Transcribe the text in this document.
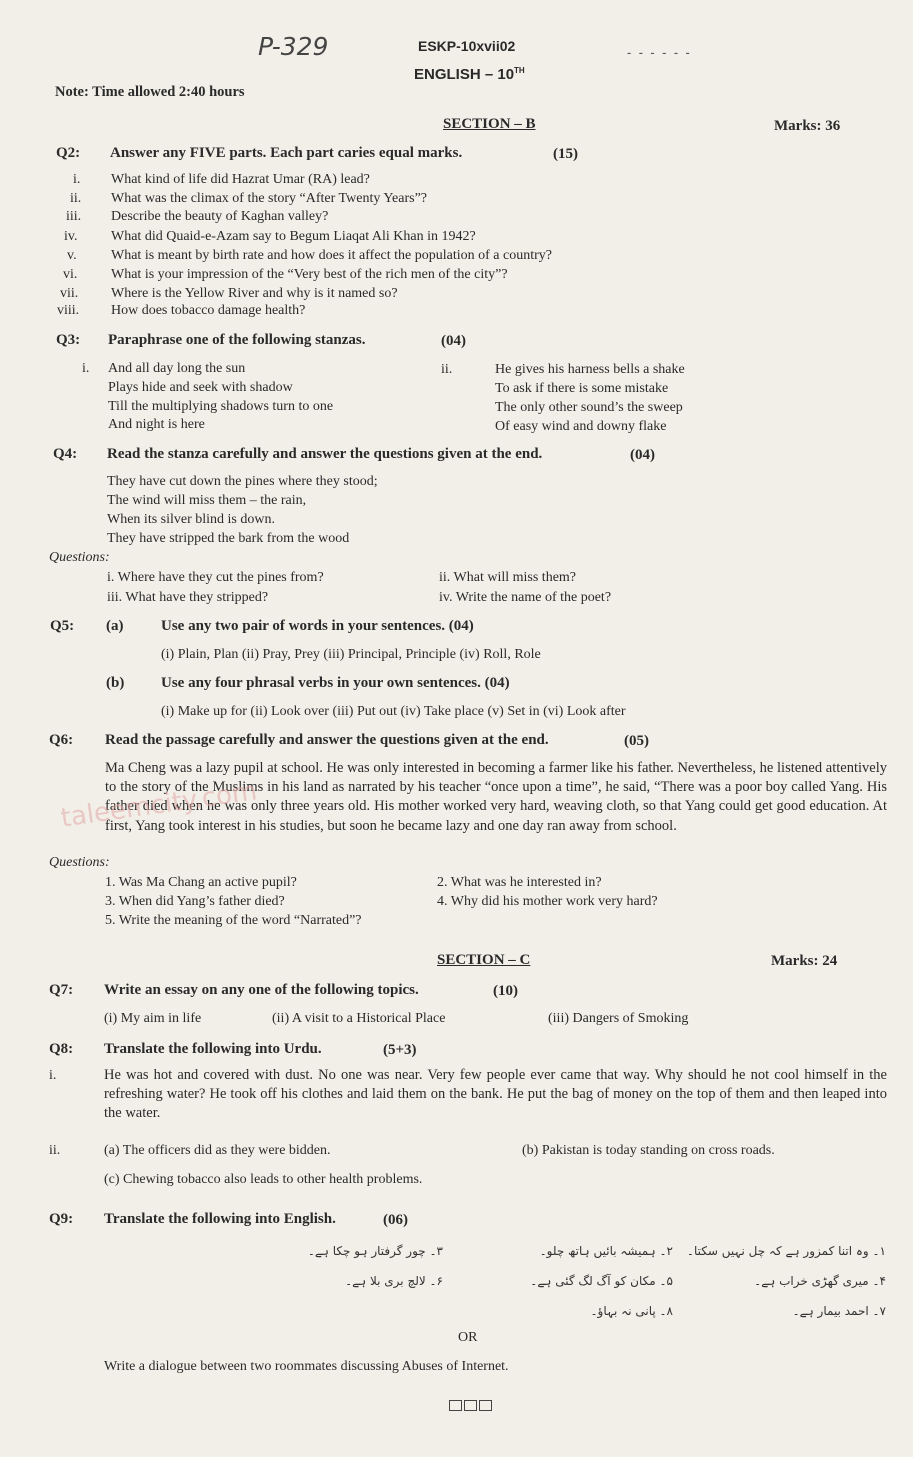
P-329	ESKP-10xvii02
ENGLISH – 10TH
۔ ۔ ۔ ۔ ۔ ۔
Note: Time allowed 2:40 hours
SECTION – B	Marks: 36
Q2: Answer any FIVE parts. Each part caries equal marks.	(15)
i. What kind of life did Hazrat Umar (RA) lead?
ii. What was the climax of the story “After Twenty Years”?
iii. Describe the beauty of Kaghan valley?
iv. What did Quaid-e-Azam say to Begum Liaqat Ali Khan in 1942?
v. What is meant by birth rate and how does it affect the population of a country?
vi. What is your impression of the “Very best of the rich men of the city”?
vii. Where is the Yellow River and why is it named so?
viii. How does tobacco damage health?
Q3: Paraphrase one of the following stanzas.	(04)
i. And all day long the sun
Plays hide and seek with shadow
Till the multiplying shadows turn to one
And night is here
ii.	He gives his harness bells a shake
To ask if there is some mistake
The only other sound’s the sweep
Of easy wind and downy flake
Q4: Read the stanza carefully and answer the questions given at the end.	(04)
They have cut down the pines where they stood;
The wind will miss them – the rain,
When its silver blind is down.
They have stripped the bark from the wood
Questions:
i. Where have they cut the pines from?	ii. What will miss them?
iii. What have they stripped?	iv. Write the name of the poet?
Q5: (a)	Use any two pair of words in your sentences. (04)
(i) Plain, Plan (ii) Pray, Prey (iii) Principal, Principle (iv) Roll, Role
(b) Use any four phrasal verbs in your own sentences. (04)
(i) Make up for (ii) Look over (iii) Put out (iv) Take place (v) Set in (vi) Look after
Q6: Read the passage carefully and answer the questions given at the end.	(05)
Ma Cheng was a lazy pupil at school. He was only interested in becoming a farmer like his father. Nevertheless, he listened attentively to the story of the Muslims in his land as narrated by his teacher “once upon a time”, he said, “There was a poor boy called Yang. His father died when he was only three years old. His mother worked very hard, weaving cloth, so that Yang could get good education. At first, Yang took interest in his studies, but soon he became lazy and one day ran away from school.
Questions:
1. Was Ma Chang an active pupil?	2. What was he interested in?
3. When did Yang’s father died?	4. Why did his mother work very hard?
5. Write the meaning of the word “Narrated”?
SECTION – C	Marks: 24
Q7: Write an essay on any one of the following topics.	(10)
(i) My aim in life	(ii) A visit to a Historical Place	(iii) Dangers of Smoking
Q8: Translate the following into Urdu.	(5+3)
i.	He was hot and covered with dust. No one was near. Very few people ever came that way. Why should he not cool himself in the refreshing water? He took off his clothes and laid them on the bank. He put the bag of money on the top of them and then leaped into the water.
ii.	(a) The officers did as they were bidden.	(b) Pakistan is today standing on cross roads.
(c) Chewing tobacco also leads to other health problems.
Q9: Translate the following into English.	(06)
۱۔ وہ اتنا کمزور ہے کہ چل نہیں سکتا۔
۲۔ ہمیشہ بائیں ہاتھ چلو۔
۳۔ چور گرفتار ہو چکا ہے۔
۴۔ میری گھڑی خراب ہے۔
۵۔ مکان کو آگ لگ گئی ہے۔
۶۔ لالچ بری بلا ہے۔
۷۔ احمد بیمار ہے۔
۸۔ پانی نہ بہاؤ۔
OR
Write a dialogue between two roommates discussing Abuses of Internet.
taleemcity.com
